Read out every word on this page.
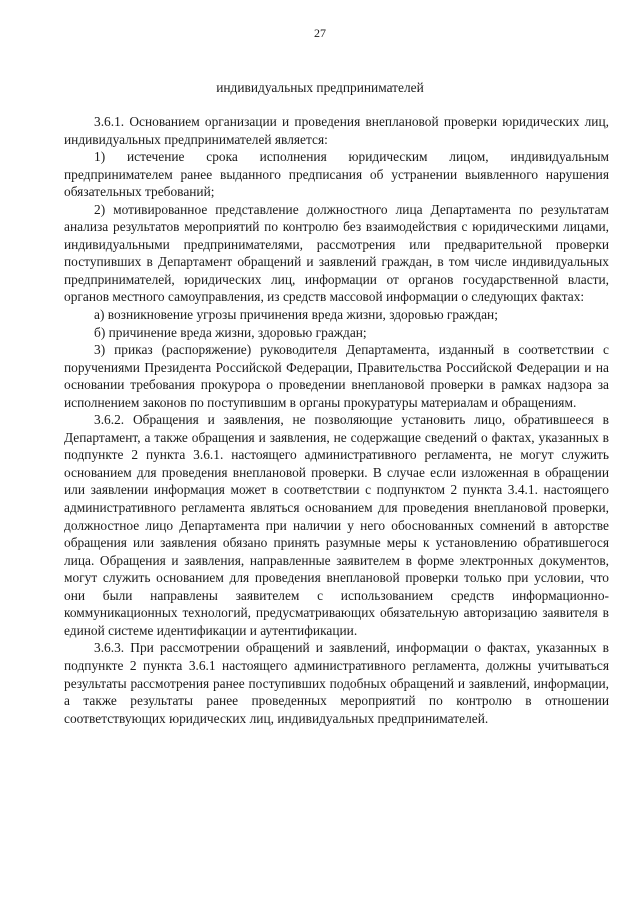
27
индивидуальных предпринимателей

3.6.1. Основанием организации и проведения внеплановой проверки юридических лиц, индивидуальных предпринимателей является:

1) истечение срока исполнения юридическим лицом, индивидуальным предпринимателем ранее выданного предписания об устранении выявленного нарушения обязательных требований;

2) мотивированное представление должностного лица Департамента по результатам анализа результатов мероприятий по контролю без взаимодействия с юридическими лицами, индивидуальными предпринимателями, рассмотрения или предварительной проверки поступивших в Департамент обращений и заявлений граждан, в том числе индивидуальных предпринимателей, юридических лиц, информации от органов государственной власти, органов местного самоуправления, из средств массовой информации о следующих фактах:

а) возникновение угрозы причинения вреда жизни, здоровью граждан;

б) причинение вреда жизни, здоровью граждан;

3) приказ (распоряжение) руководителя Департамента, изданный в соответствии с поручениями Президента Российской Федерации, Правительства Российской Федерации и на основании требования прокурора о проведении внеплановой проверки в рамках надзора за исполнением законов по поступившим в органы прокуратуры материалам и обращениям.

3.6.2. Обращения и заявления, не позволяющие установить лицо, обратившееся в Департамент, а также обращения и заявления, не содержащие сведений о фактах, указанных в подпункте 2 пункта 3.6.1. настоящего административного регламента, не могут служить основанием для проведения внеплановой проверки. В случае если изложенная в обращении или заявлении информация может в соответствии с подпунктом 2 пункта 3.4.1. настоящего административного регламента являться основанием для проведения внеплановой проверки, должностное лицо Департамента при наличии у него обоснованных сомнений в авторстве обращения или заявления обязано принять разумные меры к установлению обратившегося лица. Обращения и заявления, направленные заявителем в форме электронных документов, могут служить основанием для проведения внеплановой проверки только при условии, что они были направлены заявителем с использованием средств информационно-коммуникационных технологий, предусматривающих обязательную авторизацию заявителя в единой системе идентификации и аутентификации.

3.6.3. При рассмотрении обращений и заявлений, информации о фактах, указанных в подпункте 2 пункта 3.6.1 настоящего административного регламента, должны учитываться результаты рассмотрения ранее поступивших подобных обращений и заявлений, информации, а также результаты ранее проведенных мероприятий по контролю в отношении соответствующих юридических лиц, индивидуальных предпринимателей.
